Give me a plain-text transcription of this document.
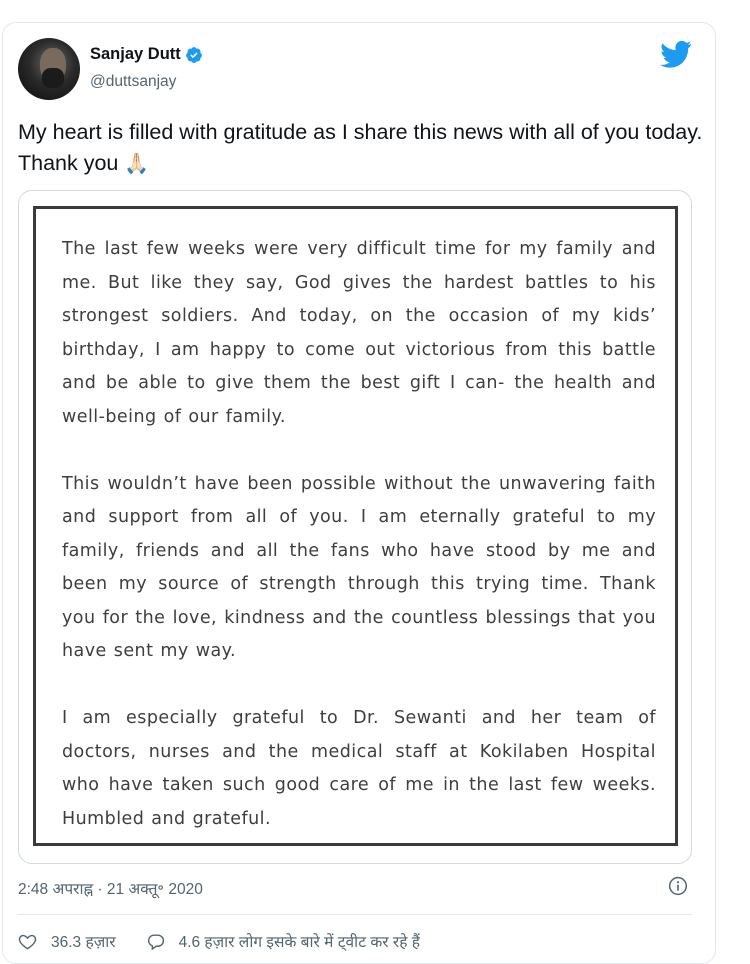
Sanjay Dutt
@duttsanjay
My heart is filled with gratitude as I share this news with all of you today. Thank you 🙏🏻

The last few weeks were very difficult time for my family and me. But like they say, God gives the hardest battles to his strongest soldiers. And today, on the occasion of my kids’ birthday, I am happy to come out victorious from this battle and be able to give them the best gift I can- the health and well-being of our family.

This wouldn’t have been possible without the unwavering faith and support from all of you. I am eternally grateful to my family, friends and all the fans who have stood by me and been my source of strength through this trying time. Thank you for the love, kindness and the countless blessings that you have sent my way.

I am especially grateful to Dr. Sewanti and her team of doctors, nurses and the medical staff at Kokilaben Hospital who have taken such good care of me in the last few weeks. Humbled and grateful.

2:48 अपराह्न · 21 अक्तू॰ 2020
36.3 हज़ार	4.6 हज़ार लोग इसके बारे में ट्वीट कर रहे हैं
